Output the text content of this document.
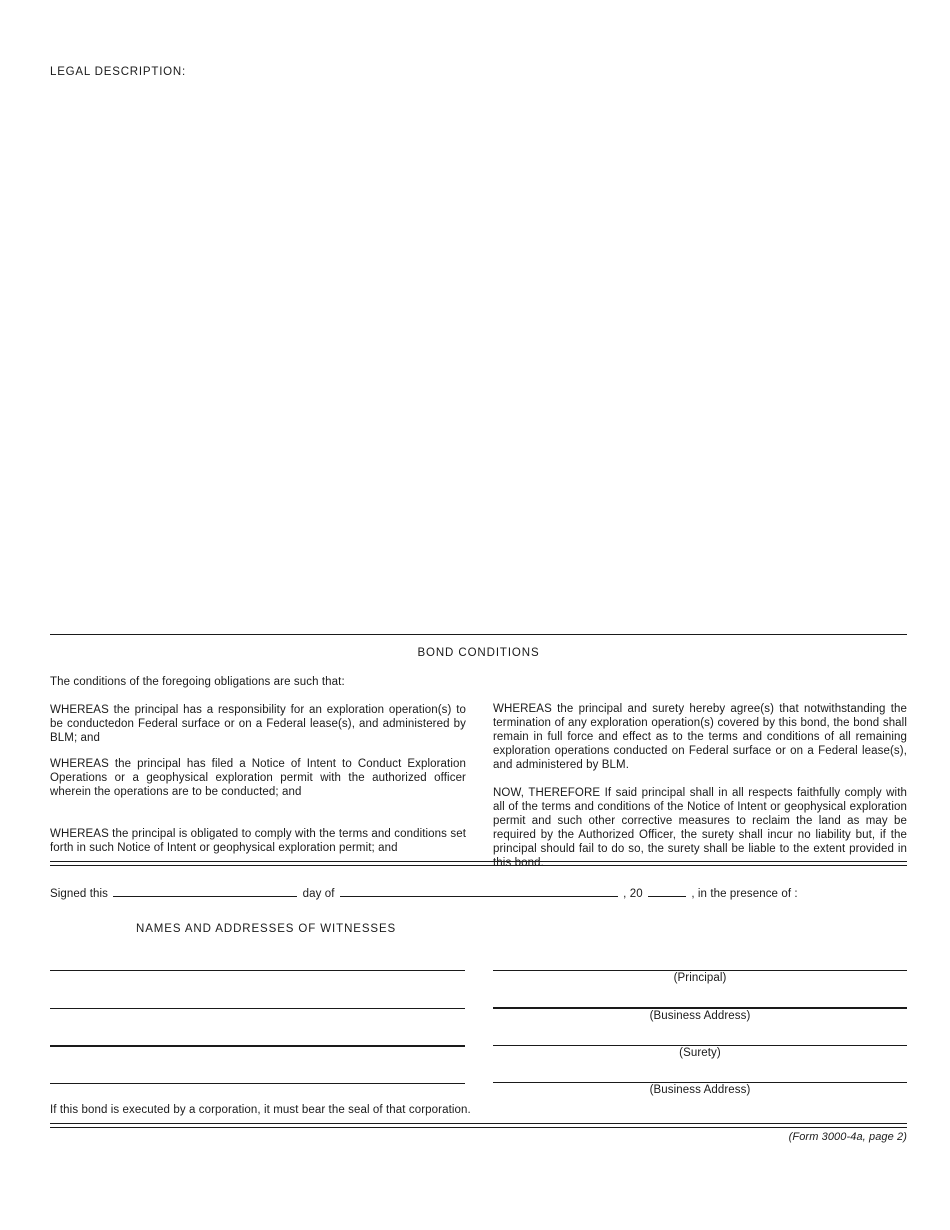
LEGAL DESCRIPTION:
BOND CONDITIONS
The conditions of the foregoing obligations are such that:
WHEREAS the principal has a responsibility for an exploration operation(s) to be conductedon Federal surface or on a Federal lease(s), and administered by BLM; and
WHEREAS the principal has filed a Notice of Intent to Conduct Exploration Operations or a geophysical exploration permit with the authorized officer wherein the operations are to be conducted; and
WHEREAS the principal is obligated to comply with the terms and conditions set forth in such Notice of Intent or geophysical exploration permit; and
WHEREAS the principal and surety hereby agree(s) that notwithstanding the termination of any exploration operation(s) covered by this bond, the bond shall remain in full force and effect as to the terms and conditions of all remaining exploration operations conducted on Federal surface or on a Federal lease(s), and administered by BLM.
NOW, THEREFORE If said principal shall in all respects faithfully comply with all of the terms and conditions of the Notice of Intent or geophysical exploration permit and such other corrective measures to reclaim the land as may be required by the Authorized Officer, the surety shall incur no liability but, if the principal should fail to do so, the surety shall be liable to the extent provided in this bond.
Signed this	day of	, 20	, in the presence of :
NAMES AND ADDRESSES OF WITNESSES
(Principal)
(Business Address)
(Surety)
(Business Address)
If this bond is executed by a corporation, it must bear the seal of that corporation.
(Form 3000-4a, page 2)
